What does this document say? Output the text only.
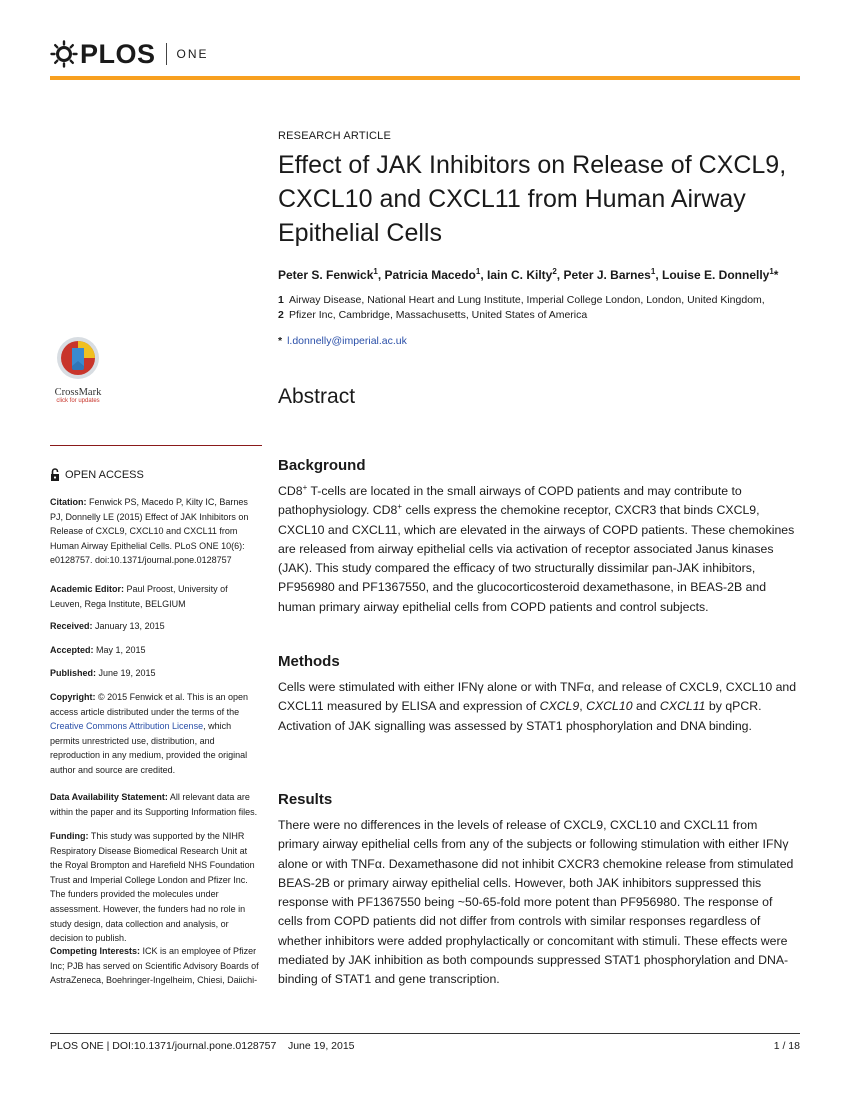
PLOS ONE
RESEARCH ARTICLE
Effect of JAK Inhibitors on Release of CXCL9, CXCL10 and CXCL11 from Human Airway Epithelial Cells
Peter S. Fenwick$^1$, Patricia Macedo$^1$, Iain C. Kilty$^2$, Peter J. Barnes$^1$, Louise E. Donnelly$^1$*
1 Airway Disease, National Heart and Lung Institute, Imperial College London, London, United Kingdom,
2 Pfizer Inc, Cambridge, Massachusetts, United States of America
* l.donnelly@imperial.ac.uk
Abstract
Background

CD8+ T-cells are located in the small airways of COPD patients and may contribute to pathophysiology. CD8+ cells express the chemokine receptor, CXCR3 that binds CXCL9, CXCL10 and CXCL11, which are elevated in the airways of COPD patients. These chemokines are released from airway epithelial cells via activation of receptor associated Janus kinases (JAK). This study compared the efficacy of two structurally dissimilar pan-JAK inhibitors, PF956980 and PF1367550, and the glucocorticosteroid dexamethasone, in BEAS-2B and human primary airway epithelial cells from COPD patients and control subjects.

Methods

Cells were stimulated with either IFNγ alone or with TNFα, and release of CXCL9, CXCL10 and CXCL11 measured by ELISA and expression of CXCL9, CXCL10 and CXCL11 by qPCR. Activation of JAK signalling was assessed by STAT1 phosphorylation and DNA binding.

Results

There were no differences in the levels of release of CXCL9, CXCL10 and CXCL11 from primary airway epithelial cells from any of the subjects or following stimulation with either IFNγ alone or with TNFα. Dexamethasone did not inhibit CXCR3 chemokine release from stimulated BEAS-2B or primary airway epithelial cells. However, both JAK inhibitors suppressed this response with PF1367550 being ~50-65-fold more potent than PF956980. The response of cells from COPD patients did not differ from controls with similar responses regardless of whether inhibitors were added prophylactically or concomitant with stimuli. These effects were mediated by JAK inhibition as both compounds suppressed STAT1 phosphorylation and DNA-binding of STAT1 and gene transcription.

CrossMark
click for updates
OPEN ACCESS

Citation: Fenwick PS, Macedo P, Kilty IC, Barnes PJ, Donnelly LE (2015) Effect of JAK Inhibitors on Release of CXCL9, CXCL10 and CXCL11 from Human Airway Epithelial Cells. PLoS ONE 10(6): e0128757. doi:10.1371/journal.pone.0128757

Academic Editor: Paul Proost, University of Leuven, Rega Institute, BELGIUM

Received: January 13, 2015

Accepted: May 1, 2015

Published: June 19, 2015

Copyright: © 2015 Fenwick et al. This is an open access article distributed under the terms of the Creative Commons Attribution License, which permits unrestricted use, distribution, and reproduction in any medium, provided the original author and source are credited.

Data Availability Statement: All relevant data are within the paper and its Supporting Information files.

Funding: This study was supported by the NIHR Respiratory Disease Biomedical Research Unit at the Royal Brompton and Harefield NHS Foundation Trust and Imperial College London and Pfizer Inc. The funders provided the molecules under assessment. However, the funders had no role in study design, data collection and analysis, or decision to publish.

Competing Interests: ICK is an employee of Pfizer Inc; PJB has served on Scientific Advisory Boards of AstraZeneca, Boehringer-Ingelheim, Chiesi, Daiichi-

PLOS ONE | DOI:10.1371/journal.pone.0128757    June 19, 2015	1 / 18
